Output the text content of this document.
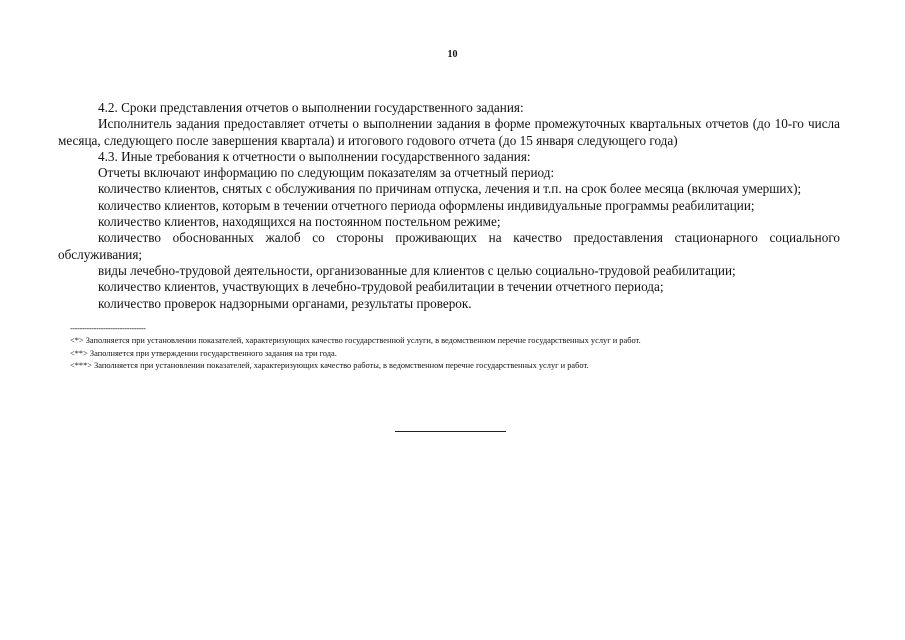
10

4.2. Сроки представления отчетов о выполнении государственного задания:

Исполнитель задания предоставляет отчеты о выполнении задания в форме промежуточных квартальных отчетов (до 10-го числа месяца, следующего после завершения квартала) и итогового годового отчета (до 15 января следующего года)

4.3. Иные требования к отчетности о выполнении государственного задания:

Отчеты включают информацию по следующим показателям за отчетный период:

количество клиентов, снятых с обслуживания по причинам отпуска, лечения и т.п. на срок более месяца (включая умерших);

количество клиентов, которым в течении отчетного периода оформлены индивидуальные программы реабилитации;

количество клиентов, находящихся на постоянном постельном режиме;

количество обоснованных жалоб со стороны проживающих на качество предоставления стационарного социального обслуживания;

виды лечебно-трудовой деятельности, организованные для клиентов с целью социально-трудовой реабилитации;

количество клиентов, участвующих в лечебно-трудовой реабилитации в течении отчетного периода;

количество проверок надзорными органами, результаты проверок.

--------------------------------

<*> Заполняется при установлении показателей, характеризующих качество государственной услуги, в ведомственном перечне государственных услуг и работ.

<**> Заполняется при утверждении государственного задания на три года.

<***> Заполняется при установлении показателей, характеризующих качество работы, в ведомственном перечне государственных услуг и работ.
